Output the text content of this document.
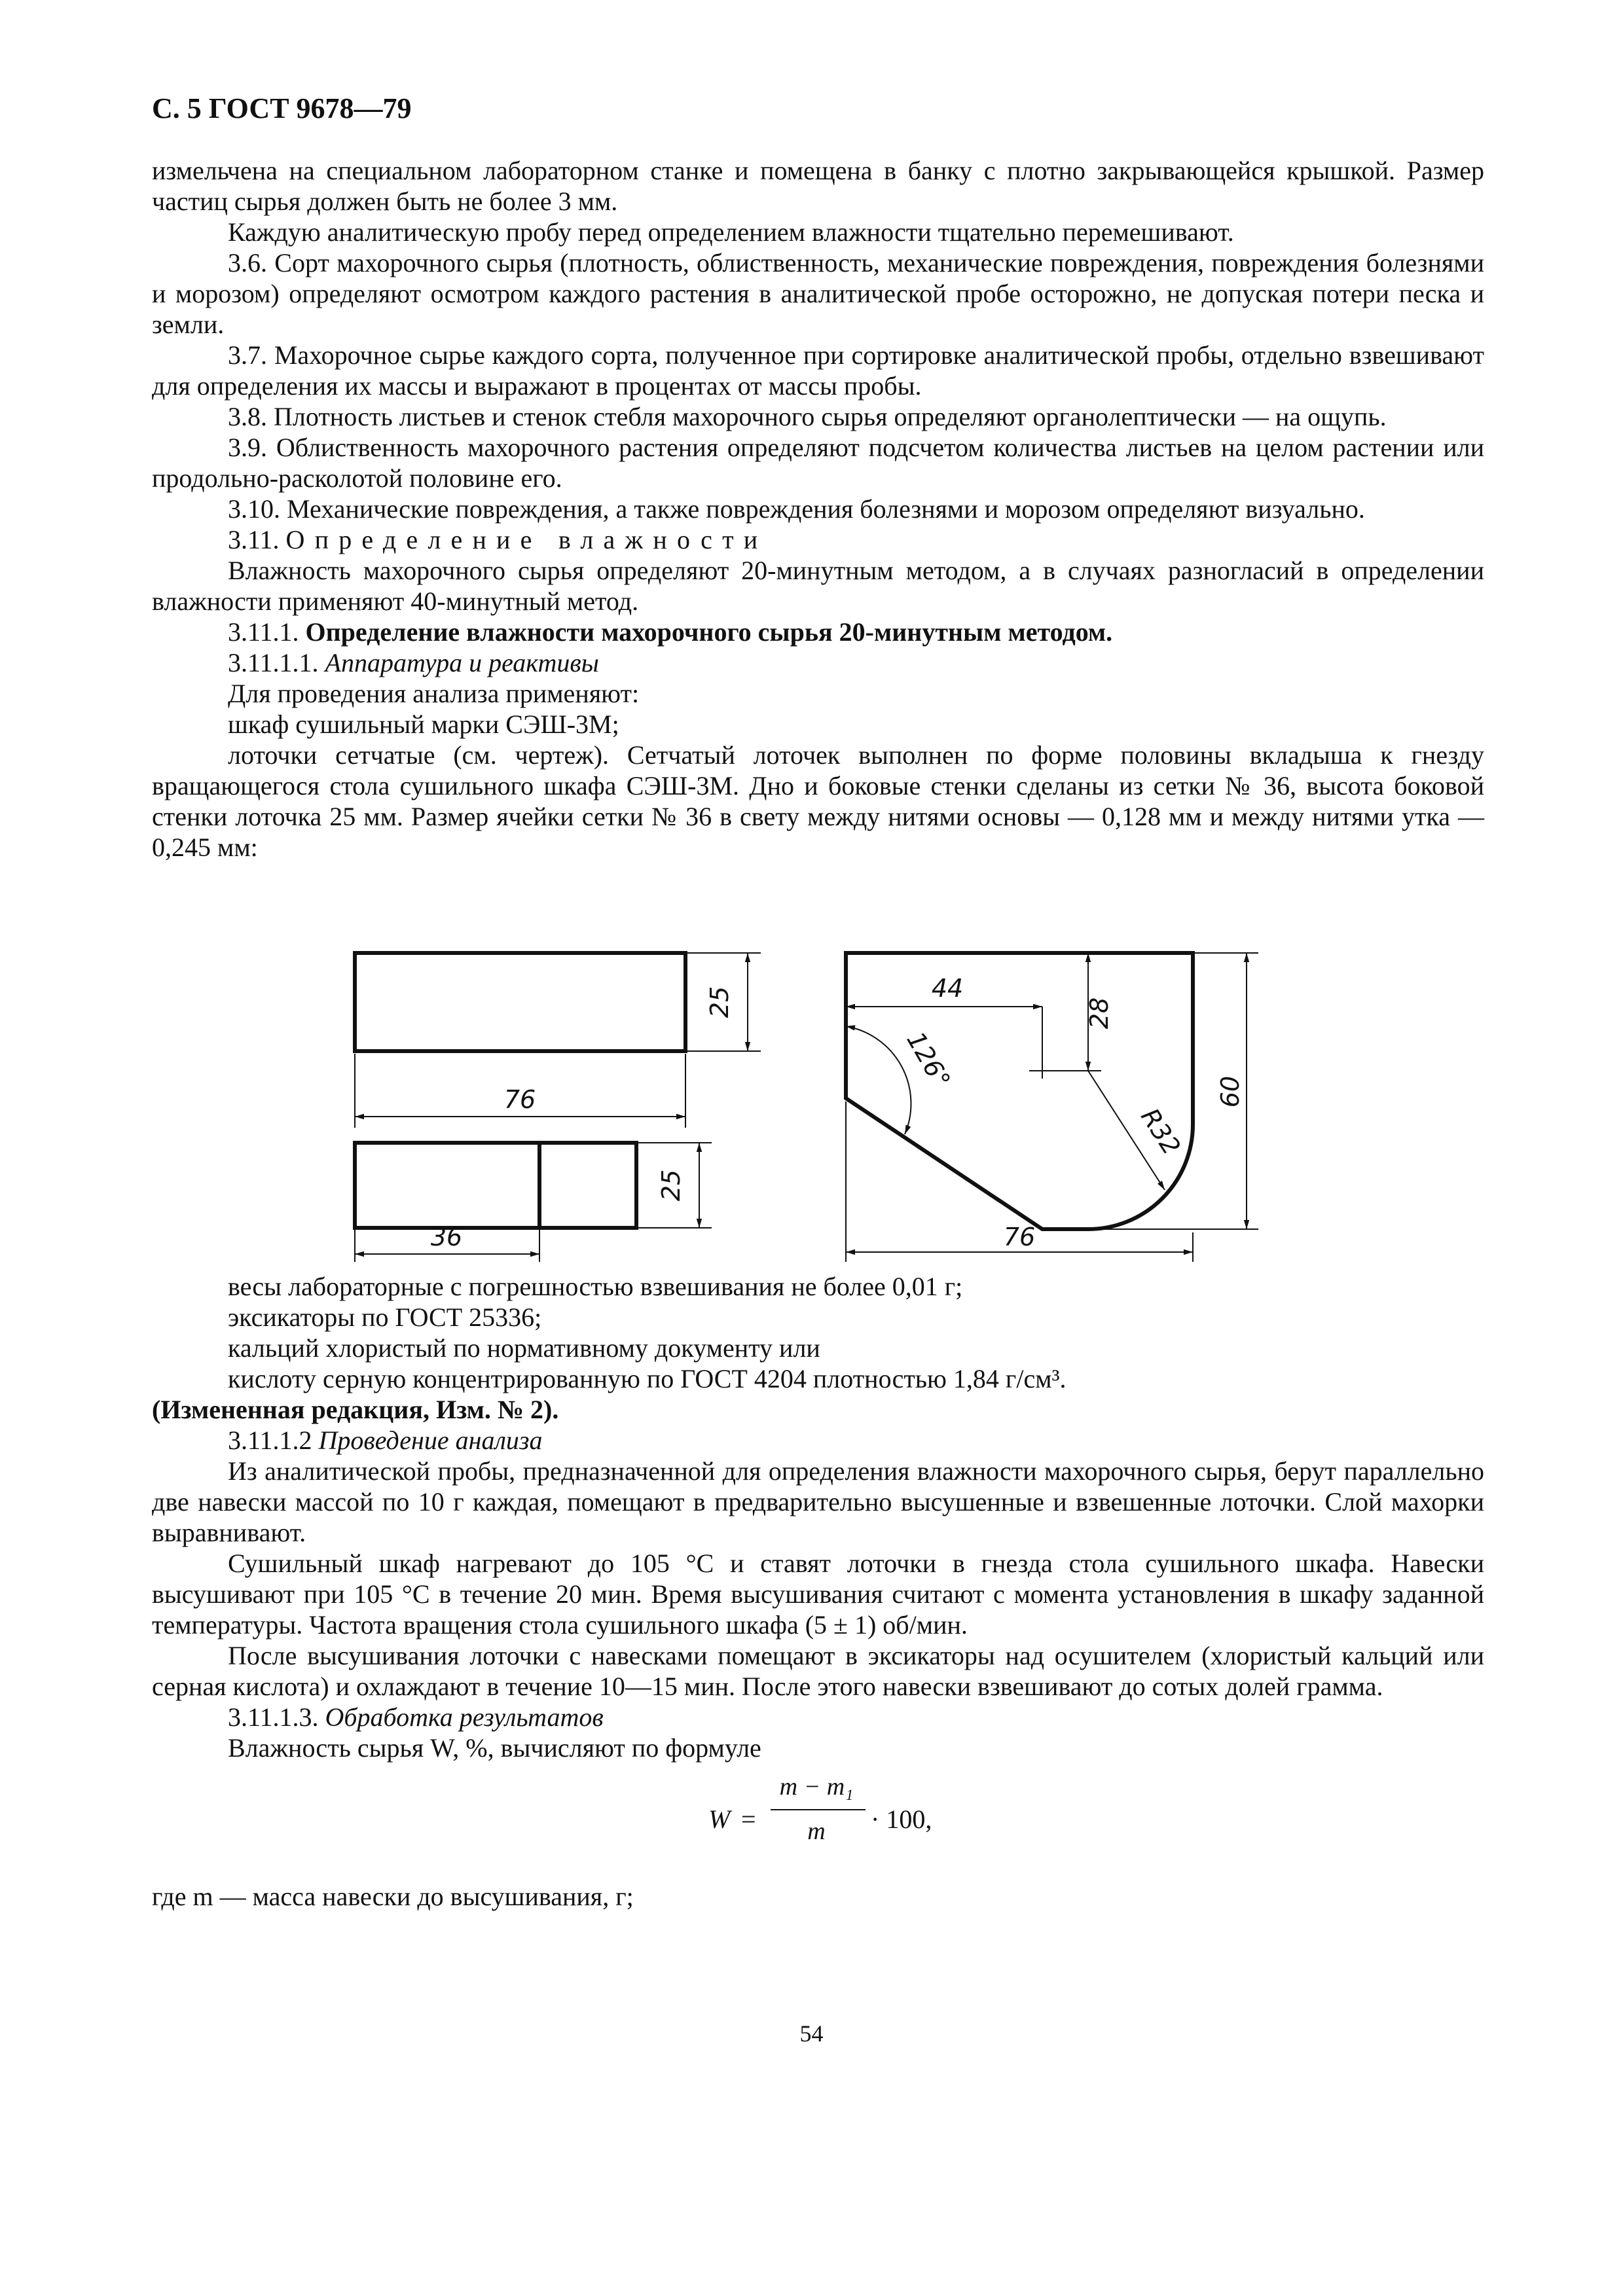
С. 5 ГОСТ 9678—79

измельчена на специальном лабораторном станке и помещена в банку с плотно закрывающейся крышкой. Размер частиц сырья должен быть не более 3 мм.

Каждую аналитическую пробу перед определением влажности тщательно перемешивают.

3.6. Сорт махорочного сырья (плотность, облиственность, механические повреждения, повреждения болезнями и морозом) определяют осмотром каждого растения в аналитической пробе осторожно, не допуская потери песка и земли.

3.7. Махорочное сырье каждого сорта, полученное при сортировке аналитической пробы, отдельно взвешивают для определения их массы и выражают в процентах от массы пробы.

3.8. Плотность листьев и стенок стебля махорочного сырья определяют органолептически — на ощупь.

3.9. Облиственность махорочного растения определяют подсчетом количества листьев на целом растении или продольно-расколотой половине его.

3.10. Механические повреждения, а также повреждения болезнями и морозом определяют визуально.

3.11. Определение влажности

Влажность махорочного сырья определяют 20-минутным методом, а в случаях разногласий в определении влажности применяют 40-минутный метод.

3.11.1. Определение влажности махорочного сырья 20-минутным методом.

3.11.1.1. Аппаратура и реактивы

Для проведения анализа применяют:

шкаф сушильный марки СЭШ-3М;

лоточки сетчатые (см. чертеж). Сетчатый лоточек выполнен по форме половины вкладыша к гнезду вращающегося стола сушильного шкафа СЭШ-3М. Дно и боковые стенки сделаны из сетки № 36, высота боковой стенки лоточка 25 мм. Размер ячейки сетки № 36 в свету между нитями основы — 0,128 мм и между нитями утка — 0,245 мм:

25
76
25
36
44
28
126°
R32
60
76

весы лабораторные с погрешностью взвешивания не более 0,01 г;

эксикаторы по ГОСТ 25336;

кальций хлористый по нормативному документу или

кислоту серную концентрированную по ГОСТ 4204 плотностью 1,84 г/см³.

(Измененная редакция, Изм. № 2).

3.11.1.2 Проведение анализа

Из аналитической пробы, предназначенной для определения влажности махорочного сырья, берут параллельно две навески массой по 10 г каждая, помещают в предварительно высушенные и взвешенные лоточки. Слой махорки выравнивают.

Сушильный шкаф нагревают до 105 °С и ставят лоточки в гнезда стола сушильного шкафа. Навески высушивают при 105 °С в течение 20 мин. Время высушивания считают с момента установления в шкафу заданной температуры. Частота вращения стола сушильного шкафа (5 ± 1) об/мин.

После высушивания лоточки с навесками помещают в эксикаторы над осушителем (хлористый кальций или серная кислота) и охлаждают в течение 10—15 мин. После этого навески взвешивают до сотых долей грамма.

3.11.1.3. Обработка результатов

Влажность сырья W, %, вычисляют по формуле

W =
m − m₁
m	· 100,

где m — масса навески до высушивания, г;

54
